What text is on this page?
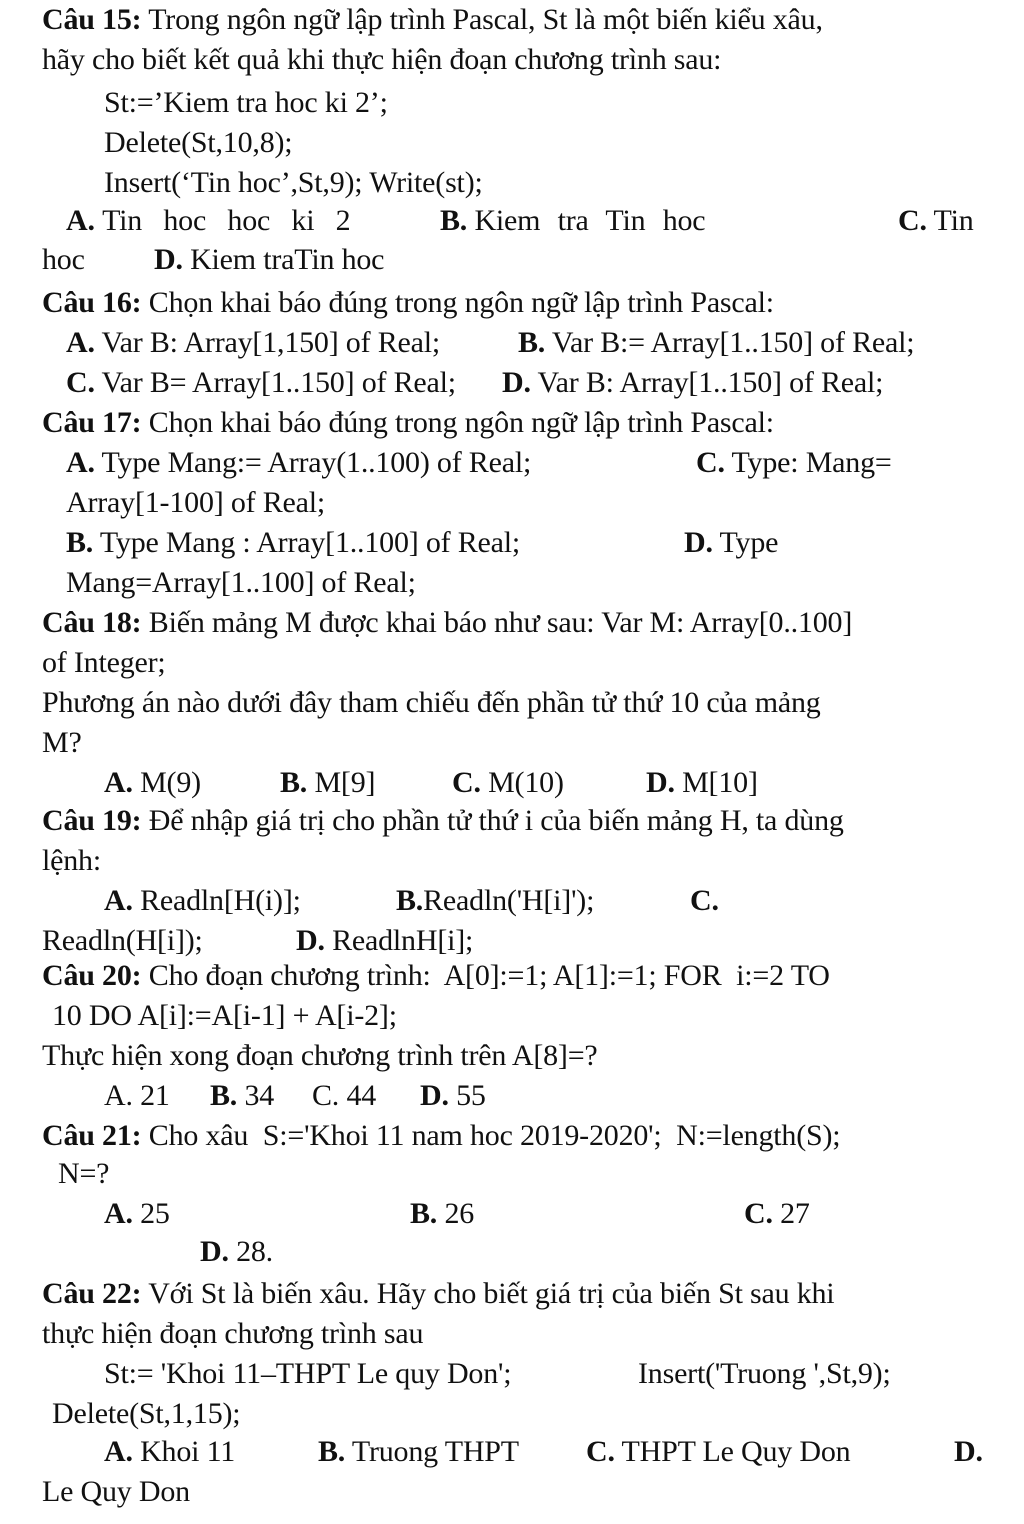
Câu 15: Trong ngôn ngữ lập trình Pascal, St là một biến kiểu xâu,
hãy cho biết kết quả khi thực hiện đoạn chương trình sau:
St:=’Kiem tra hoc ki 2’;
Delete(St,10,8);
Insert(‘Tin hoc’,St,9); Write(st);
A. Tin hoc hoc ki 2	B. Kiem tra Tin hoc	C. Tin
hoc D. Kiem traTin hoc
Câu 16: Chọn khai báo đúng trong ngôn ngữ lập trình Pascal:
A. Var B: Array[1,150] of Real;	B. Var B:= Array[1..150] of Real;
C. Var B= Array[1..150] of Real; D. Var B: Array[1..150] of Real;
Câu 17: Chọn khai báo đúng trong ngôn ngữ lập trình Pascal:
A. Type Mang:= Array(1..100) of Real;	C. Type: Mang=
Array[1-100] of Real;
B. Type Mang : Array[1..100] of Real;	D. Type
Mang=Array[1..100] of Real;
Câu 18: Biến mảng M được khai báo như sau: Var M: Array[0..100]
of Integer;
Phương án nào dưới đây tham chiếu đến phần tử thứ 10 của mảng
M?
A. M(9)	B. M[9]	C. M(10)	D. M[10]
Câu 19: Để nhập giá trị cho phần tử thứ i của biến mảng H, ta dùng
lệnh:
A. Readln[H(i)];	B.Readln('H[i]');	C.
Readln(H[i]);	D. ReadlnH[i];
Câu 20: Cho đoạn chương trình:  A[0]:=1; A[1]:=1; FOR  i:=2 TO
10 DO A[i]:=A[i-1] + A[i-2];
Thực hiện xong đoạn chương trình trên A[8]=?
A. 21 B. 34 C. 44 D. 55
Câu 21: Cho xâu  S:='Khoi 11 nam hoc 2019-2020';  N:=length(S);
N=?
A. 25	B. 26	C. 27
D. 28.
Câu 22: Với St là biến xâu. Hãy cho biết giá trị của biến St sau khi
thực hiện đoạn chương trình sau
St:= 'Khoi 11–THPT Le quy Don';	Insert('Truong ',St,9);
Delete(St,1,15);
A. Khoi 11	B. Truong THPT C. THPT Le Quy Don	D.
Le Quy Don
